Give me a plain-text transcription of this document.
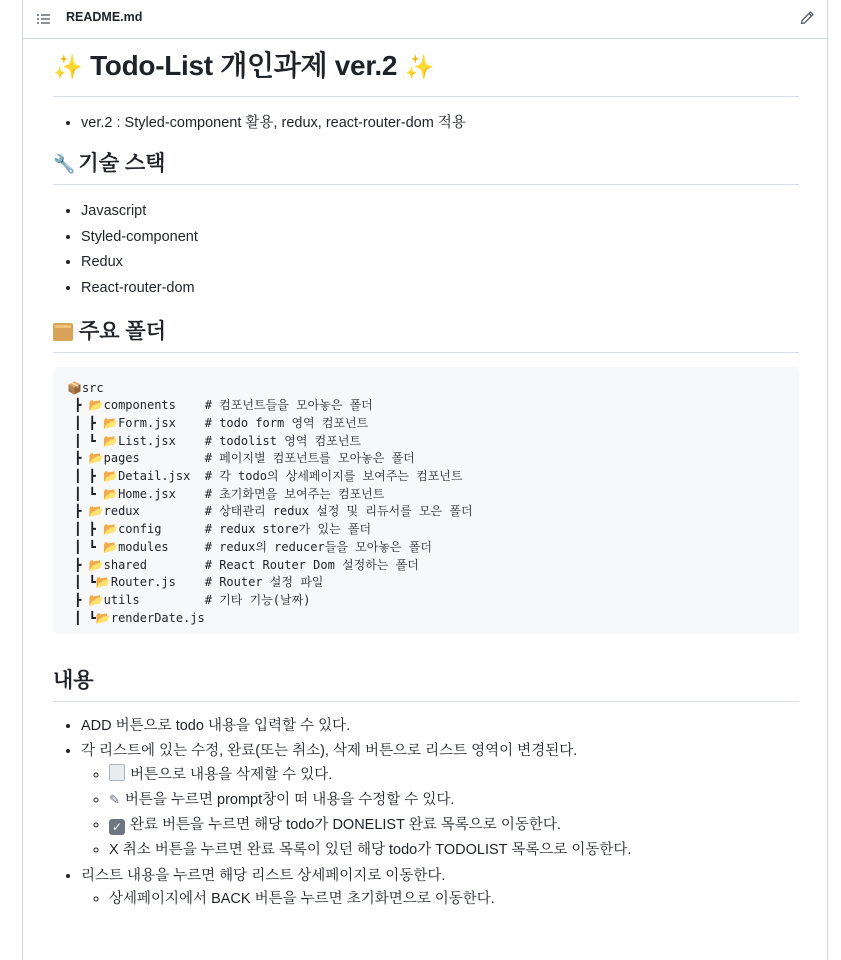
README.md
✨ Todo-List 개인과제 ver.2 ✨
• ver.2 : Styled-component 활용, redux, react-router-dom 적용
🔧 기술 스택
• Javascript
• Styled-component
• Redux
• React-router-dom
주요 폴더
📦src
┣ 📂components    # 컴포넌트들을 모아놓은 폴더
┃ ┣ 📂Form.jsx    # todo form 영역 컴포넌트
┃ ┗ 📂List.jsx    # todolist 영역 컴포넌트
┣ 📂pages         # 페이지별 컴포넌트를 모아놓은 폴더
┃ ┣ 📂Detail.jsx  # 각 todo의 상세페이지를 보여주는 컴포넌트
┃ ┗ 📂Home.jsx    # 초기화면을 보여주는 컴포넌트
┣ 📂redux         # 상태관리 redux 설정 및 리듀서를 모은 폴더
┃ ┣ 📂config      # redux store가 있는 폴더
┃ ┗ 📂modules     # redux의 reducer들을 모아놓은 폴더
┣ 📂shared        # React Router Dom 설정하는 폴더
┃ ┗📂Router.js    # Router 설정 파일
┣ 📂utils         # 기타 기능(날짜)
┃ ┗📂renderDate.js
내용
• ADD 버튼으로 todo 내용을 입력할 수 있다.
• 각 리스트에 있는 수정, 완료(또는 취소), 삭제 버튼으로 리스트 영역이 변경된다.
◦ 버튼으로 내용을 삭제할 수 있다.
◦ ✎ 버튼을 누르면 prompt창이 떠 내용을 수정할 수 있다.
◦ ✓ 완료 버튼을 누르면 해당 todo가 DONELIST 완료 목록으로 이동한다.
◦ X 취소 버튼을 누르면 완료 목록이 있던 해당 todo가 TODOLIST 목록으로 이동한다.
• 리스트 내용을 누르면 해당 리스트 상세페이지로 이동한다.
◦ 상세페이지에서 BACK 버튼을 누르면 초기화면으로 이동한다.
